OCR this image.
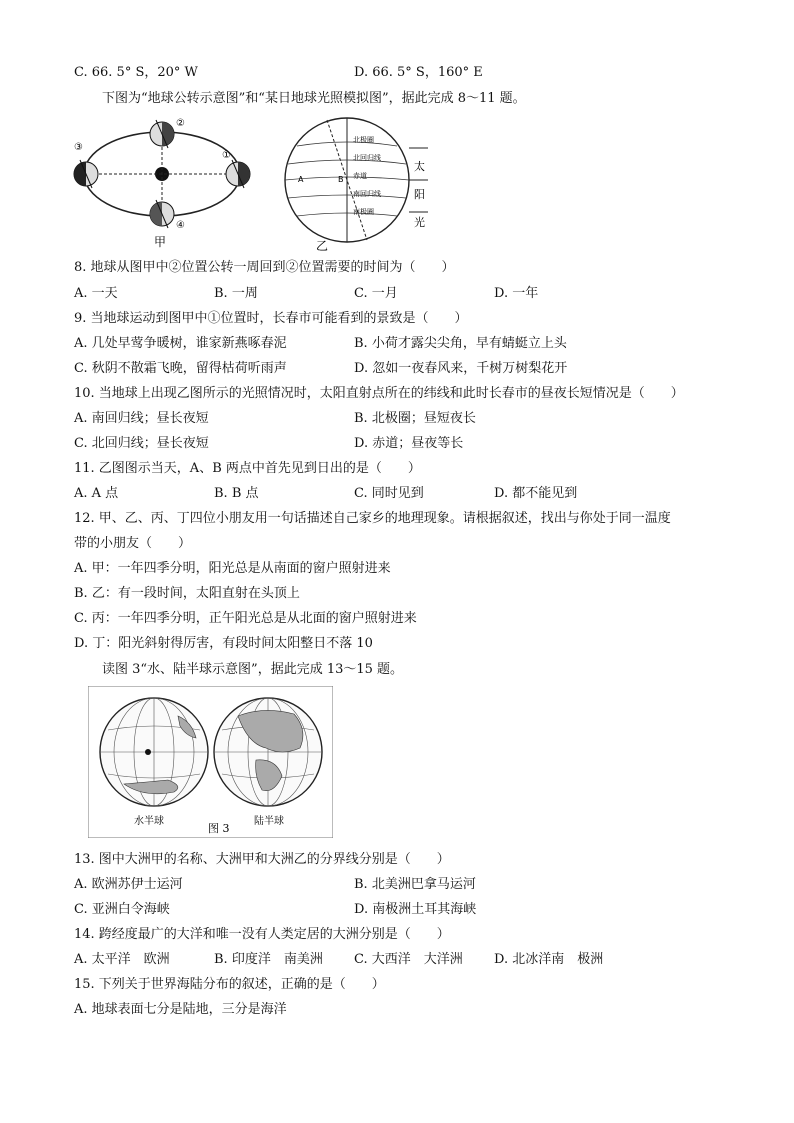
C. 66. 5° S，20° W	D. 66. 5° S，160° E
下图为“地球公转示意图”和“某日地球光照模拟图”，据此完成 8～11 题。
②
①
③
④
甲
北极圈
北回归线
赤道
南回归线
南极圈
A	B
太
阳
光
乙
8. 地球从图甲中②位置公转一周回到②位置需要的时间为（　　）
A. 一天	B. 一周	C. 一月	D. 一年
9. 当地球运动到图甲中①位置时，长春市可能看到的景致是（　　）
A. 几处早莺争暖树，谁家新燕啄春泥	B. 小荷才露尖尖角，早有蜻蜓立上头
C. 秋阴不散霜飞晚，留得枯荷听雨声	D. 忽如一夜春风来，千树万树梨花开
10. 当地球上出现乙图所示的光照情况时，太阳直射点所在的纬线和此时长春市的昼夜长短情况是（　　）
A. 南回归线；昼长夜短	B. 北极圈；昼短夜长
C. 北回归线；昼长夜短	D. 赤道；昼夜等长
11. 乙图图示当天，A、B 两点中首先见到日出的是（　　）
A. A 点	B. B 点	C. 同时见到	D. 都不能见到
12. 甲、乙、丙、丁四位小朋友用一句话描述自己家乡的地理现象。请根据叙述，找出与你处于同一温度
带的小朋友（　　）
A. 甲：一年四季分明，阳光总是从南面的窗户照射进来
B. 乙：有一段时间，太阳直射在头顶上
C. 丙：一年四季分明，正午阳光总是从北面的窗户照射进来
D. 丁：阳光斜射得厉害，有段时间太阳整日不落 10
读图 3“水、陆半球示意图”，据此完成 13～15 题。
水半球
图 3
陆半球
13. 图中大洲甲的名称、大洲甲和大洲乙的分界线分别是（　　）
A. 欧洲苏伊士运河	B. 北美洲巴拿马运河
C. 亚洲白令海峡	D. 南极洲土耳其海峡
14. 跨经度最广的大洋和唯一没有人类定居的大洲分别是（　　）
A. 太平洋　欧洲	B. 印度洋　南美洲 C. 大西洋　大洋洲 D. 北冰洋南　极洲
15. 下列关于世界海陆分布的叙述，正确的是（　　）
A. 地球表面七分是陆地，三分是海洋
